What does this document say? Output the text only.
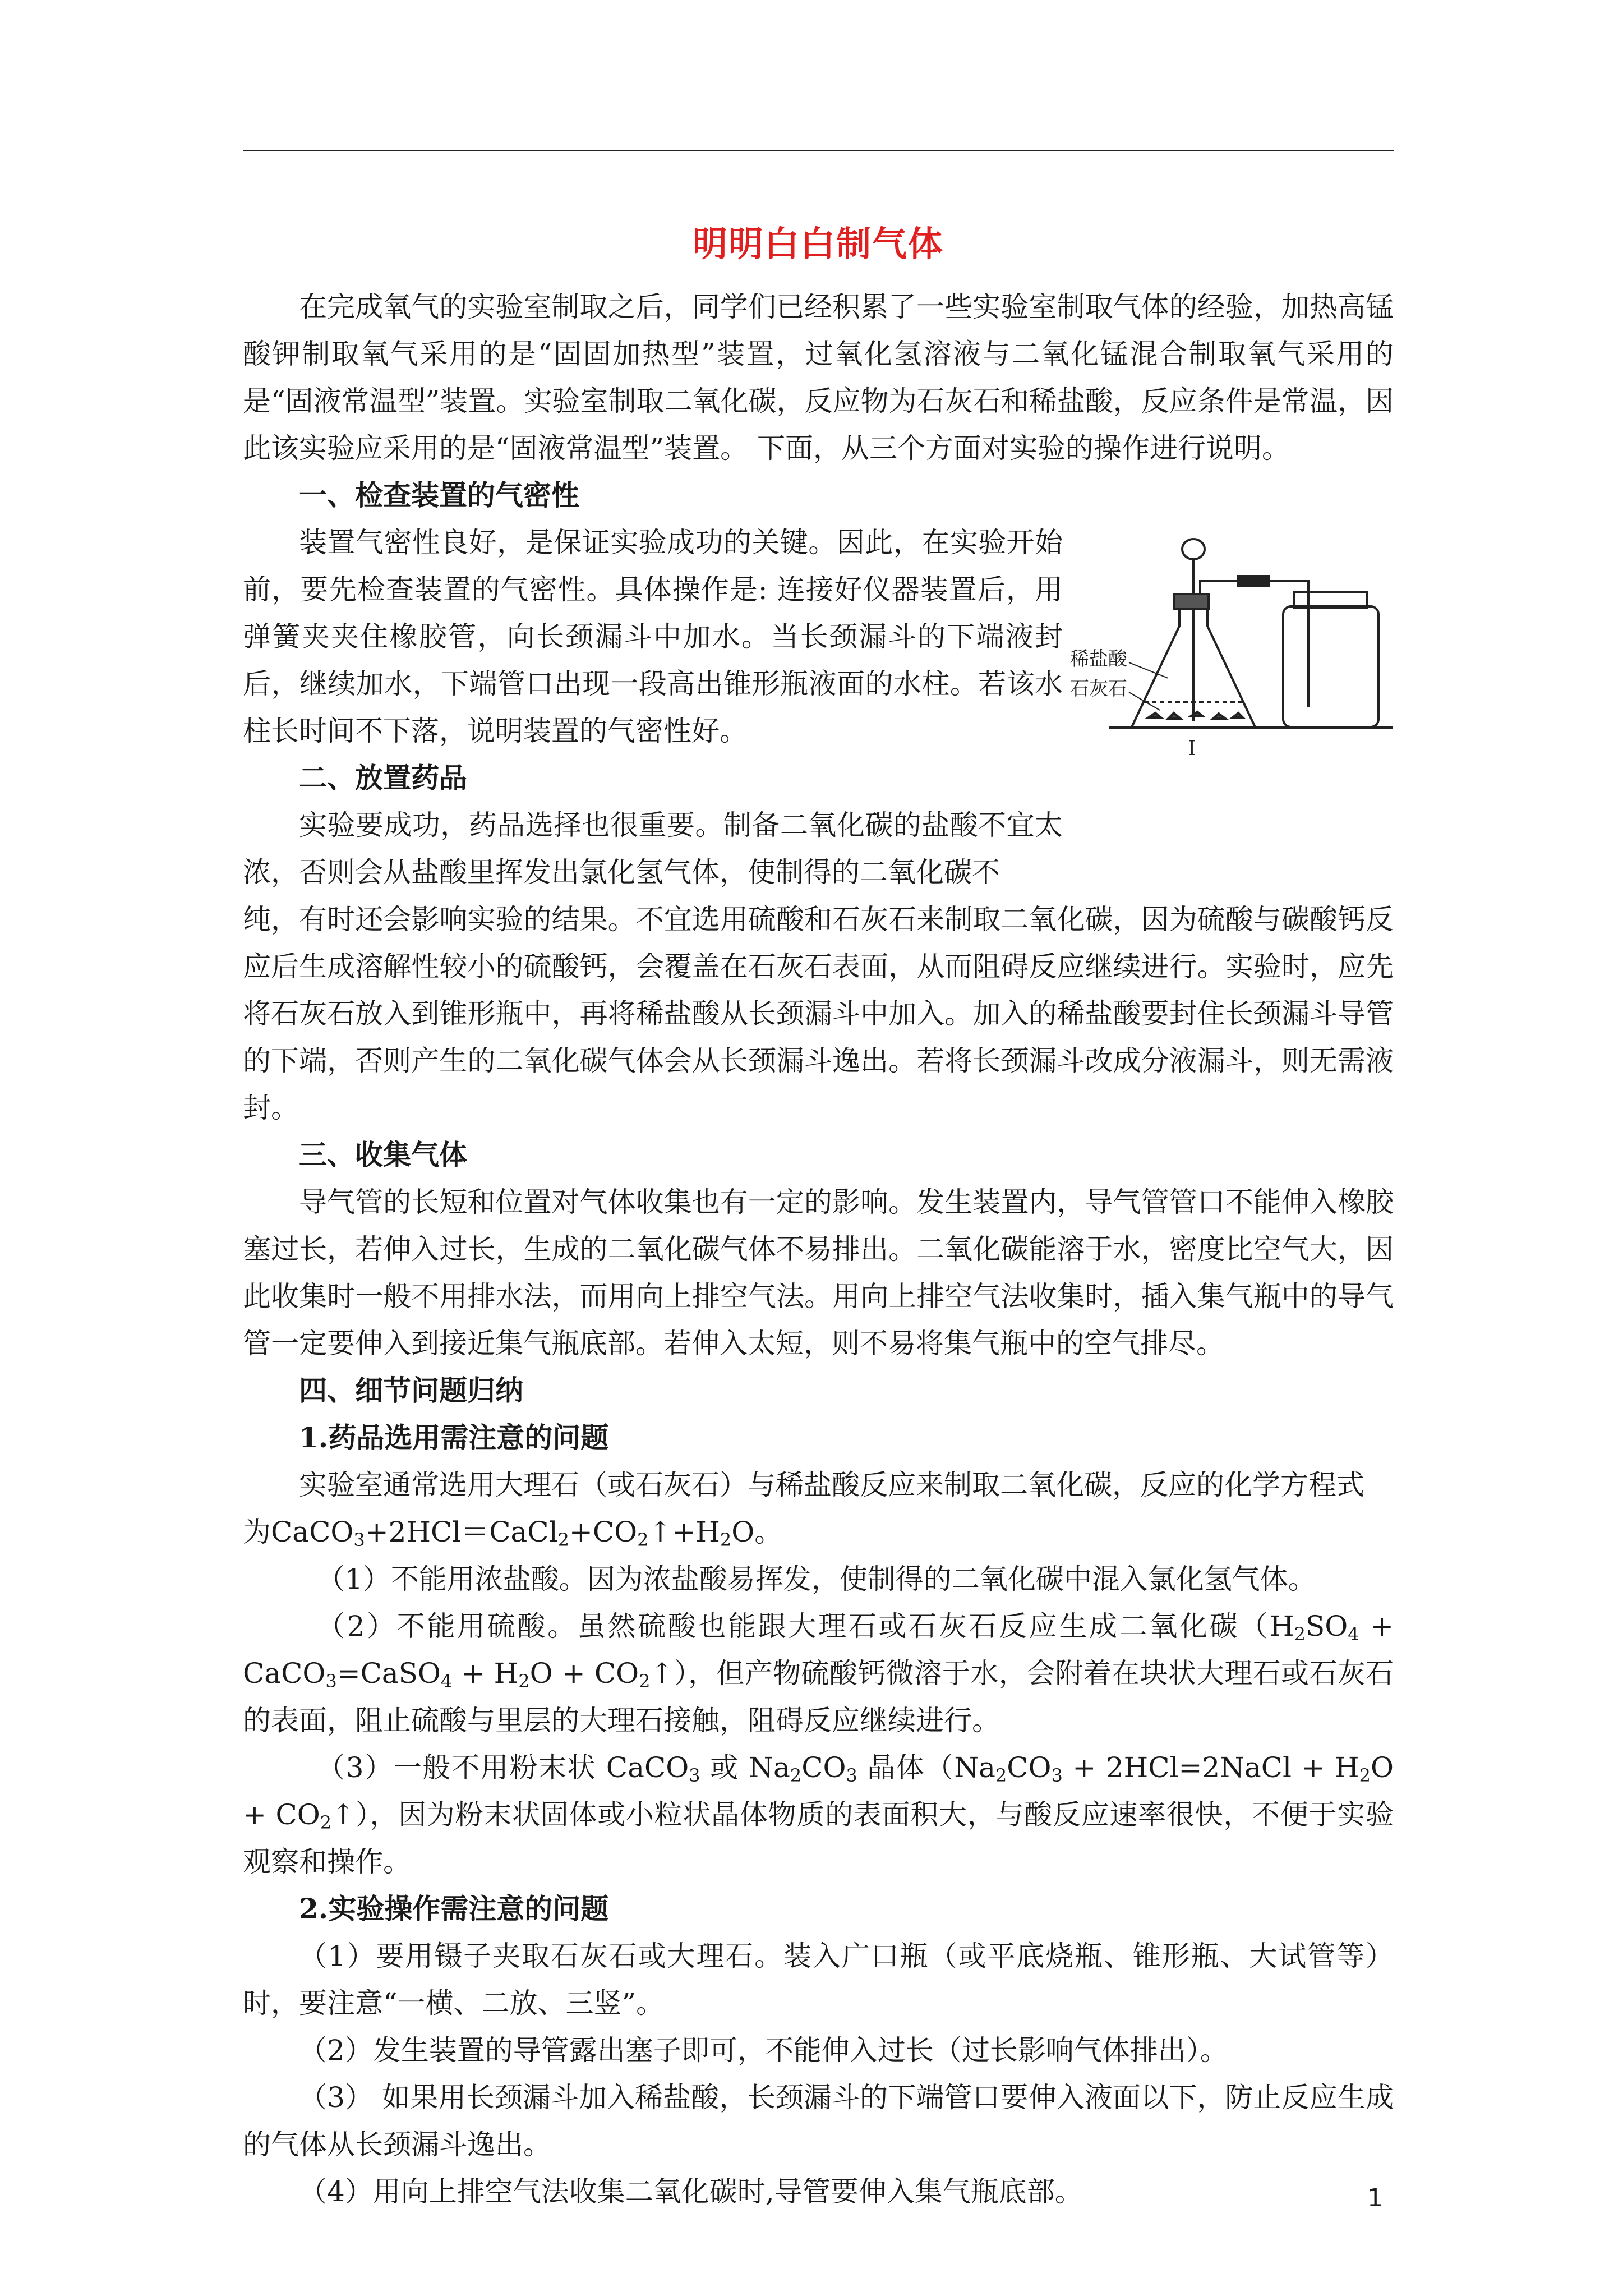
明明白白制气体

在完成氧气的实验室制取之后，同学们已经积累了一些实验室制取气体的经验，加热高锰酸钾制取氧气采用的是“固固加热型”装置，过氧化氢溶液与二氧化锰混合制取氧气采用的是“固液常温型”装置。实验室制取二氧化碳，反应物为石灰石和稀盐酸，反应条件是常温，因此该实验应采用的是“固液常温型”装置。 下面，从三个方面对实验的操作进行说明。

一、检查装置的气密性

装置气密性良好，是保证实验成功的关键。因此，在实验开始前，要先检查装置的气密性。具体操作是: 连接好仪器装置后，用弹簧夹夹住橡胶管，向长颈漏斗中加水。当长颈漏斗的下端液封后，继续加水，下端管口出现一段高出锥形瓶液面的水柱。若该水柱长时间不下落，说明装置的气密性好。

二、放置药品

实验要成功，药品选择也很重要。制备二氧化碳的盐酸不宜太浓，否则会从盐酸里挥发出氯化氢气体，使制得的二氧化碳不

稀盐酸
石灰石
I

纯，有时还会影响实验的结果。不宜选用硫酸和石灰石来制取二氧化碳，因为硫酸与碳酸钙反应后生成溶解性较小的硫酸钙，会覆盖在石灰石表面，从而阻碍反应继续进行。实验时，应先将石灰石放入到锥形瓶中，再将稀盐酸从长颈漏斗中加入。加入的稀盐酸要封住长颈漏斗导管的下端，否则产生的二氧化碳气体会从长颈漏斗逸出。若将长颈漏斗改成分液漏斗，则无需液封。

三、收集气体

导气管的长短和位置对气体收集也有一定的影响。发生装置内，导气管管口不能伸入橡胶塞过长，若伸入过长，生成的二氧化碳气体不易排出。二氧化碳能溶于水，密度比空气大，因此收集时一般不用排水法，而用向上排空气法。用向上排空气法收集时，插入集气瓶中的导气管一定要伸入到接近集气瓶底部。若伸入太短，则不易将集气瓶中的空气排尽。

四、细节问题归纳

1.药品选用需注意的问题

实验室通常选用大理石（或石灰石）与稀盐酸反应来制取二氧化碳，反应的化学方程式

为$CaCO_3+2HCl=CaCl_2+CO_2↑+H_2O$。

（1）不能用浓盐酸。因为浓盐酸易挥发，使制得的二氧化碳中混入氯化氢气体。

（2）不能用硫酸。虽然硫酸也能跟大理石或石灰石反应生成二氧化碳（$H_2SO_4$ + CaCO$_3$=CaSO$_4$ + $H_2O$ + $CO_2↑$），但产物硫酸钙微溶于水，会附着在块状大理石或石灰石的表面，阻止硫酸与里层的大理石接触，阻碍反应继续进行。

（3）一般不用粉末状 CaCO$_3$ 或 $Na_2CO_3$ 晶体（$Na_2CO_3$ + 2HCl=2NaCl + $H_2O$ + $CO_2↑$），因为粉末状固体或小粒状晶体物质的表面积大，与酸反应速率很快，不便于实验观察和操作。

2.实验操作需注意的问题

（1）要用镊子夹取石灰石或大理石。装入广口瓶（或平底烧瓶、锥形瓶、大试管等）时，要注意“一横、二放、三竖”。

（2）发生装置的导管露出塞子即可，不能伸入过长（过长影响气体排出）。

（3） 如果用长颈漏斗加入稀盐酸，长颈漏斗的下端管口要伸入液面以下，防止反应生成的气体从长颈漏斗逸出。

（4）用向上排空气法收集二氧化碳时,导管要伸入集气瓶底部。	1
